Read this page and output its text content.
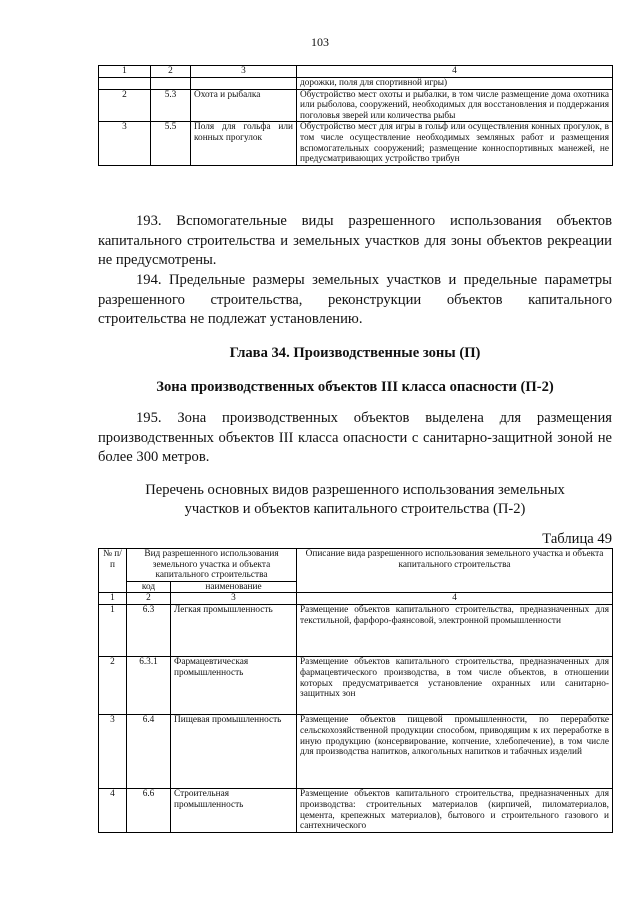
103
1	2	3	4
			дорожки, поля для спортивной игры)
2	5.3	Охота и рыбалка	Обустройство мест охоты и рыбалки, в том числе размещение дома охотника или рыболова, сооружений, необходимых для восстановления и поддержания поголовья зверей или количества рыбы
3	5.5	Поля для гольфа или конных прогулок	Обустройство мест для игры в гольф или осуществления конных прогулок, в том числе осуществление необходимых земляных работ и размещения вспомогательных сооружений; размещение конноспортивных манежей, не предусматривающих устройство трибун

193. Вспомогательные виды разрешенного использования объектов капитального строительства и земельных участков для зоны объектов рекреации не предусмотрены.

194. Предельные размеры земельных участков и предельные параметры разрешенного строительства, реконструкции объектов капитального строительства не подлежат установлению.

Глава 34. Производственные зоны (П)

Зона производственных объектов III класса опасности (П-2)

195. Зона производственных объектов выделена для размещения производственных объектов III класса опасности с санитарно-защитной зоной не более 300 метров.

Перечень основных видов разрешенного использования земельных

участков и объектов капитального строительства (П-2)

Таблица 49
№ п/п	Вид разрешенного использования земельного участка и объекта капитального строительства		Описание вида разрешенного использования земельного участка и объекта капитального строительства
	код	наименование	
1	2	3	4
1	6.3	Легкая промышленность	Размещение объектов капитального строительства, предназначенных для текстильной, фарфоро-фаянсовой, электронной промышленности
2	6.3.1	Фармацевтическая промышленность	Размещение объектов капитального строительства, предназначенных для фармацевтического производства, в том числе объектов, в отношении которых предусматривается установление охранных или санитарно-защитных зон
3	6.4	Пищевая промышленность	Размещение объектов пищевой промышленности, по переработке сельскохозяйственной продукции способом, приводящим к их переработке в иную продукцию (консервирование, копчение, хлебопечение), в том числе для производства напитков, алкогольных напитков и табачных изделий
4	6.6	Строительная промышленность	Размещение объектов капитального строительства, предназначенных для производства: строительных материалов (кирпичей, пиломатериалов, цемента, крепежных материалов), бытового и строительного газового и сантехнического
